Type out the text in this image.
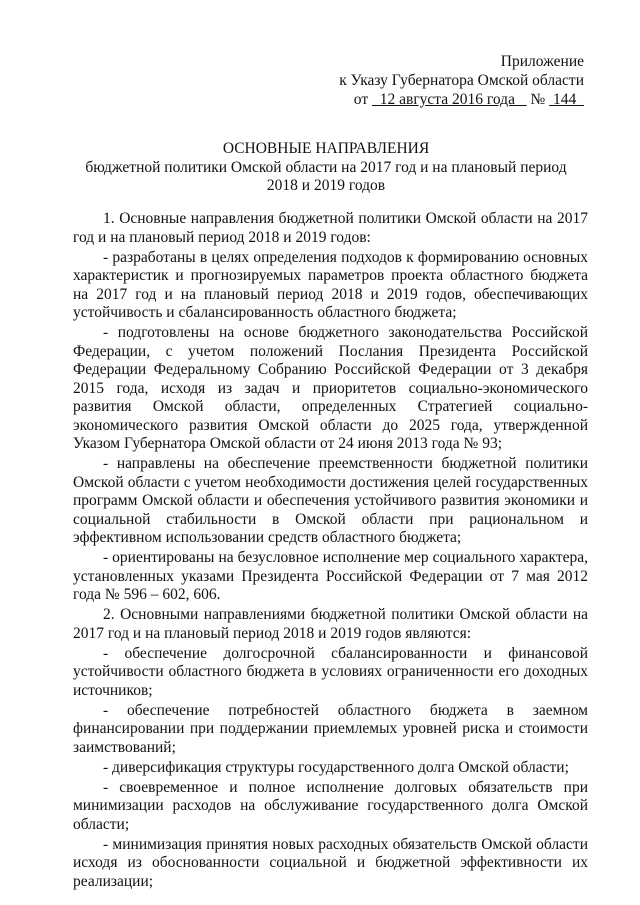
Приложение
к Указу Губернатора Омской области
от 12 августа 2016 года № 144
ОСНОВНЫЕ НАПРАВЛЕНИЯ
бюджетной политики Омской области на 2017 год и на плановый период
2018 и 2019 годов

1. Основные направления бюджетной политики Омской области на 2017 год и на плановый период 2018 и 2019 годов:

- разработаны в целях определения подходов к формированию основных характеристик и прогнозируемых параметров проекта областного бюджета на 2017 год и на плановый период 2018 и 2019 годов, обеспечивающих устойчивость и сбалансированность областного бюджета;

- подготовлены на основе бюджетного законодательства Российской Федерации, с учетом положений Послания Президента Российской Федерации Федеральному Собранию Российской Федерации от 3 декабря 2015 года, исходя из задач и приоритетов социально-экономического развития Омской области, определенных Стратегией социально-экономического развития Омской области до 2025 года, утвержденной Указом Губернатора Омской области от 24 июня 2013 года № 93;

- направлены на обеспечение преемственности бюджетной политики Омской области с учетом необходимости достижения целей государственных программ Омской области и обеспечения устойчивого развития экономики и социальной стабильности в Омской области при рациональном и эффективном использовании средств областного бюджета;

- ориентированы на безусловное исполнение мер социального характера, установленных указами Президента Российской Федерации от 7 мая 2012 года № 596 – 602, 606.

2. Основными направлениями бюджетной политики Омской области на 2017 год и на плановый период 2018 и 2019 годов являются:

- обеспечение долгосрочной сбалансированности и финансовой устойчивости областного бюджета в условиях ограниченности его доходных источников;

- обеспечение потребностей областного бюджета в заемном финансировании при поддержании приемлемых уровней риска и стоимости заимствований;

- диверсификация структуры государственного долга Омской области;

- своевременное и полное исполнение долговых обязательств при минимизации расходов на обслуживание государственного долга Омской области;

- минимизация принятия новых расходных обязательств Омской области исходя из обоснованности социальной и бюджетной эффективности их реализации;
